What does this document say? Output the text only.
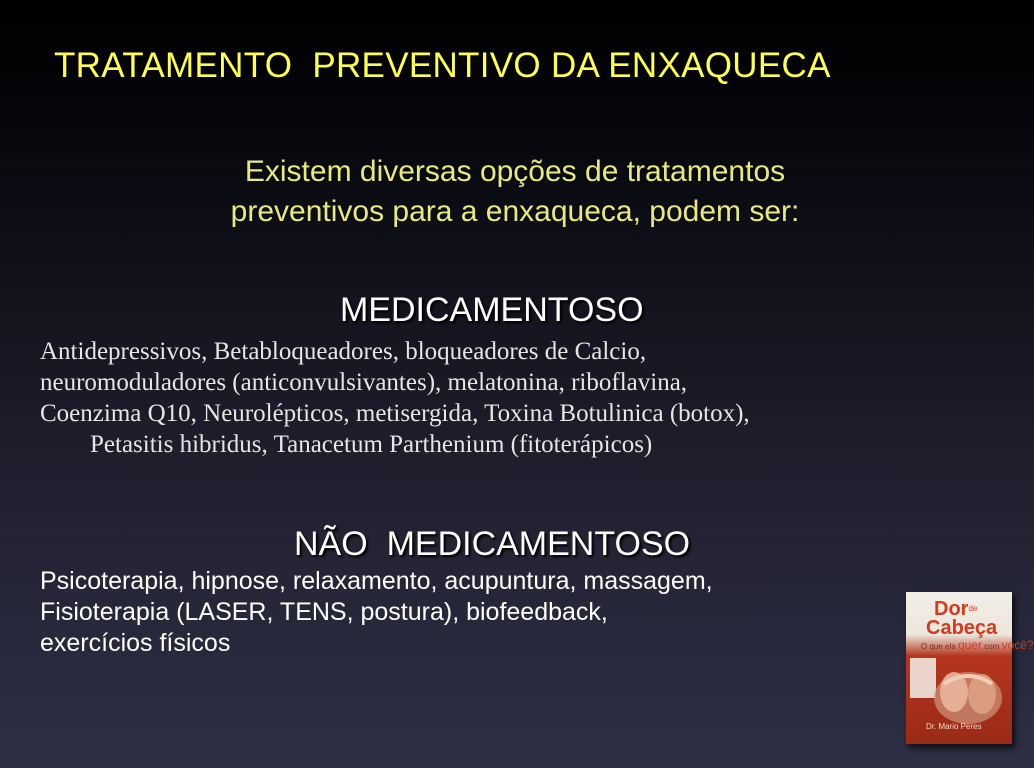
TRATAMENTO  PREVENTIVO DA ENXAQUECA
Existem diversas opções de tratamentos
preventivos para a enxaqueca, podem ser:
MEDICAMENTOSO
Antidepressivos, Betabloqueadores, bloqueadores de Calcio,
neuromoduladores (anticonvulsivantes), melatonina, riboflavina,
Coenzima Q10, Neurolépticos, metisergida, Toxina Botulinica (botox),
Petasitis hibridus, Tanacetum Parthenium (fitoterápicos)
NÃO  MEDICAMENTOSO
Psicoterapia, hipnose, relaxamento, acupuntura, massagem,
Fisioterapia (LASER, TENS, postura), biofeedback,
exercícios físicos
Dor$^{de}$
Cabeça
O que ela quer com você?
Dr. Mario Peres
